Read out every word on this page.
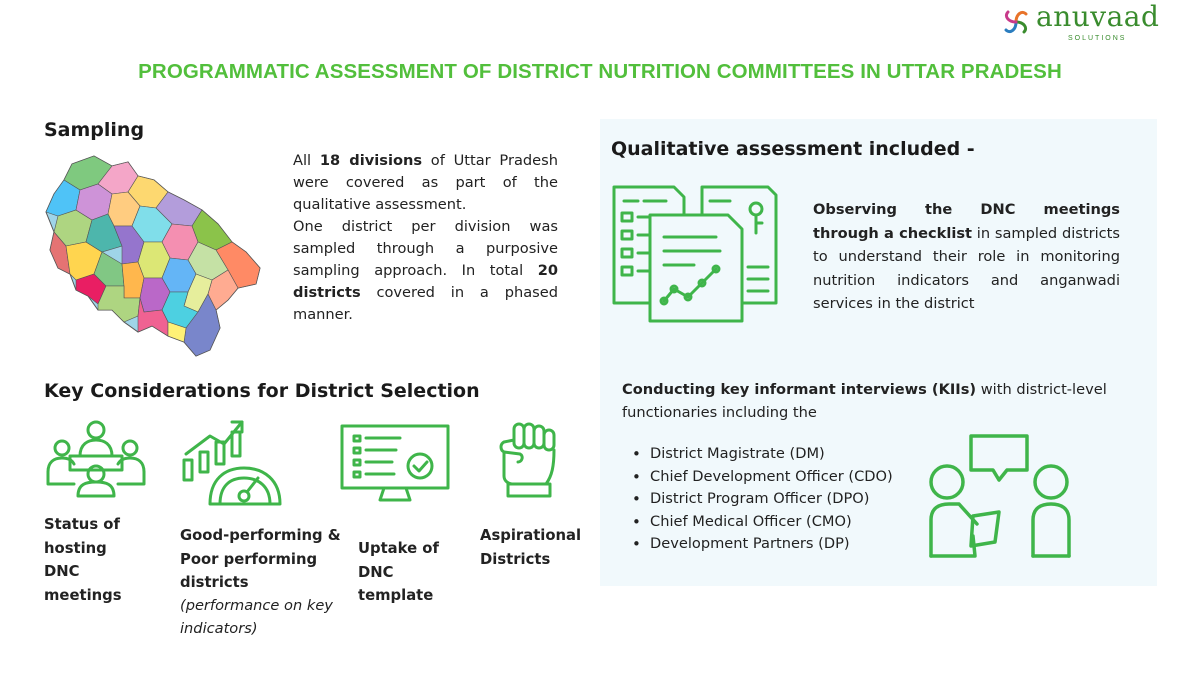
anuvaad
SOLUTIONS
PROGRAMMATIC ASSESSMENT OF DISTRICT NUTRITION COMMITTEES IN UTTAR PRADESH
Sampling
All 18 divisions of Uttar Pradesh were covered as part of the qualitative assessment.
One district per division was sampled through a purposive sampling approach. In total 20 districts covered in a phased manner.
Key Considerations for District Selection
Status of hosting DNC meetings
Good-performing & Poor performing districts
(performance on key indicators)
Uptake of DNC template
Aspirational Districts
Qualitative assessment included -
Observing the DNC meetings through a checklist in sampled districts to understand their role in monitoring nutrition indicators and anganwadi services in the district
Conducting key informant interviews (KIIs) with district-level functionaries including the
• District Magistrate (DM)
• Chief Development Officer (CDO)
• District Program Officer (DPO)
• Chief Medical Officer (CMO)
• Development Partners (DP)
